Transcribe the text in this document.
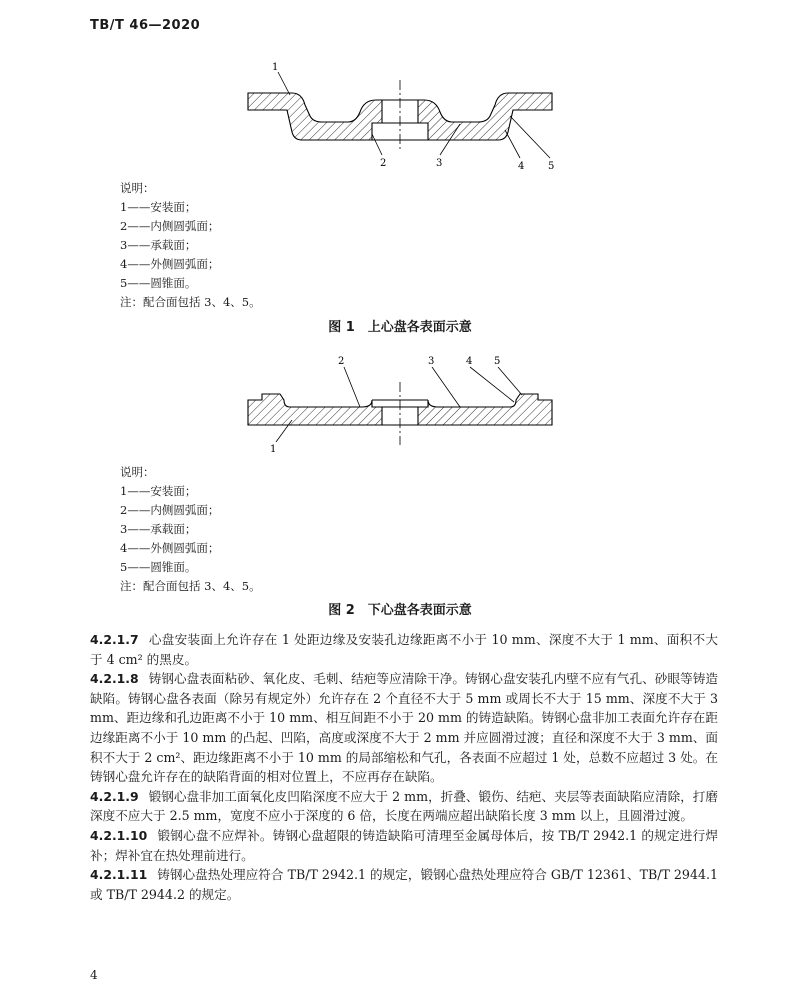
TB/T 46—2020
1
2	3	4 5
说明：
1——安装面；
2——内侧圆弧面；
3——承载面；
4——外侧圆弧面；
5——圆锥面。
注：配合面包括 3、4、5。
图 1　上心盘各表面示意
2	3	4 5
1
说明：
1——安装面；
2——内侧圆弧面；
3——承载面；
4——外侧圆弧面；
5——圆锥面。
注：配合面包括 3、4、5。
图 2　下心盘各表面示意

4.2.1.7 心盘安装面上允许存在 1 处距边缘及安装孔边缘距离不小于 10 mm、深度不大于 1 mm、面积不大于 4 cm² 的黑皮。

4.2.1.8 铸钢心盘表面粘砂、氧化皮、毛刺、结疤等应清除干净。铸钢心盘安装孔内壁不应有气孔、砂眼等铸造缺陷。铸钢心盘各表面（除另有规定外）允许存在 2 个直径不大于 5 mm 或周长不大于 15 mm、深度不大于 3 mm、距边缘和孔边距离不小于 10 mm、相互间距不小于 20 mm 的铸造缺陷。铸钢心盘非加工表面允许存在距边缘距离不小于 10 mm 的凸起、凹陷，高度或深度不大于 2 mm 并应圆滑过渡；直径和深度不大于 3 mm、面积不大于 2 cm²、距边缘距离不小于 10 mm 的局部缩松和气孔，各表面不应超过 1 处，总数不应超过 3 处。在铸钢心盘允许存在的缺陷背面的相对位置上，不应再存在缺陷。

4.2.1.9 锻钢心盘非加工面氧化皮凹陷深度不应大于 2 mm，折叠、锻伤、结疤、夹层等表面缺陷应清除，打磨深度不应大于 2.5 mm，宽度不应小于深度的 6 倍，长度在两端应超出缺陷长度 3 mm 以上，且圆滑过渡。

4.2.1.10 锻钢心盘不应焊补。铸钢心盘超限的铸造缺陷可清理至金属母体后，按 TB/T 2942.1 的规定进行焊补；焊补宜在热处理前进行。

4.2.1.11 铸钢心盘热处理应符合 TB/T 2942.1 的规定，锻钢心盘热处理应符合 GB/T 12361、TB/T 2944.1 或 TB/T 2944.2 的规定。

4
